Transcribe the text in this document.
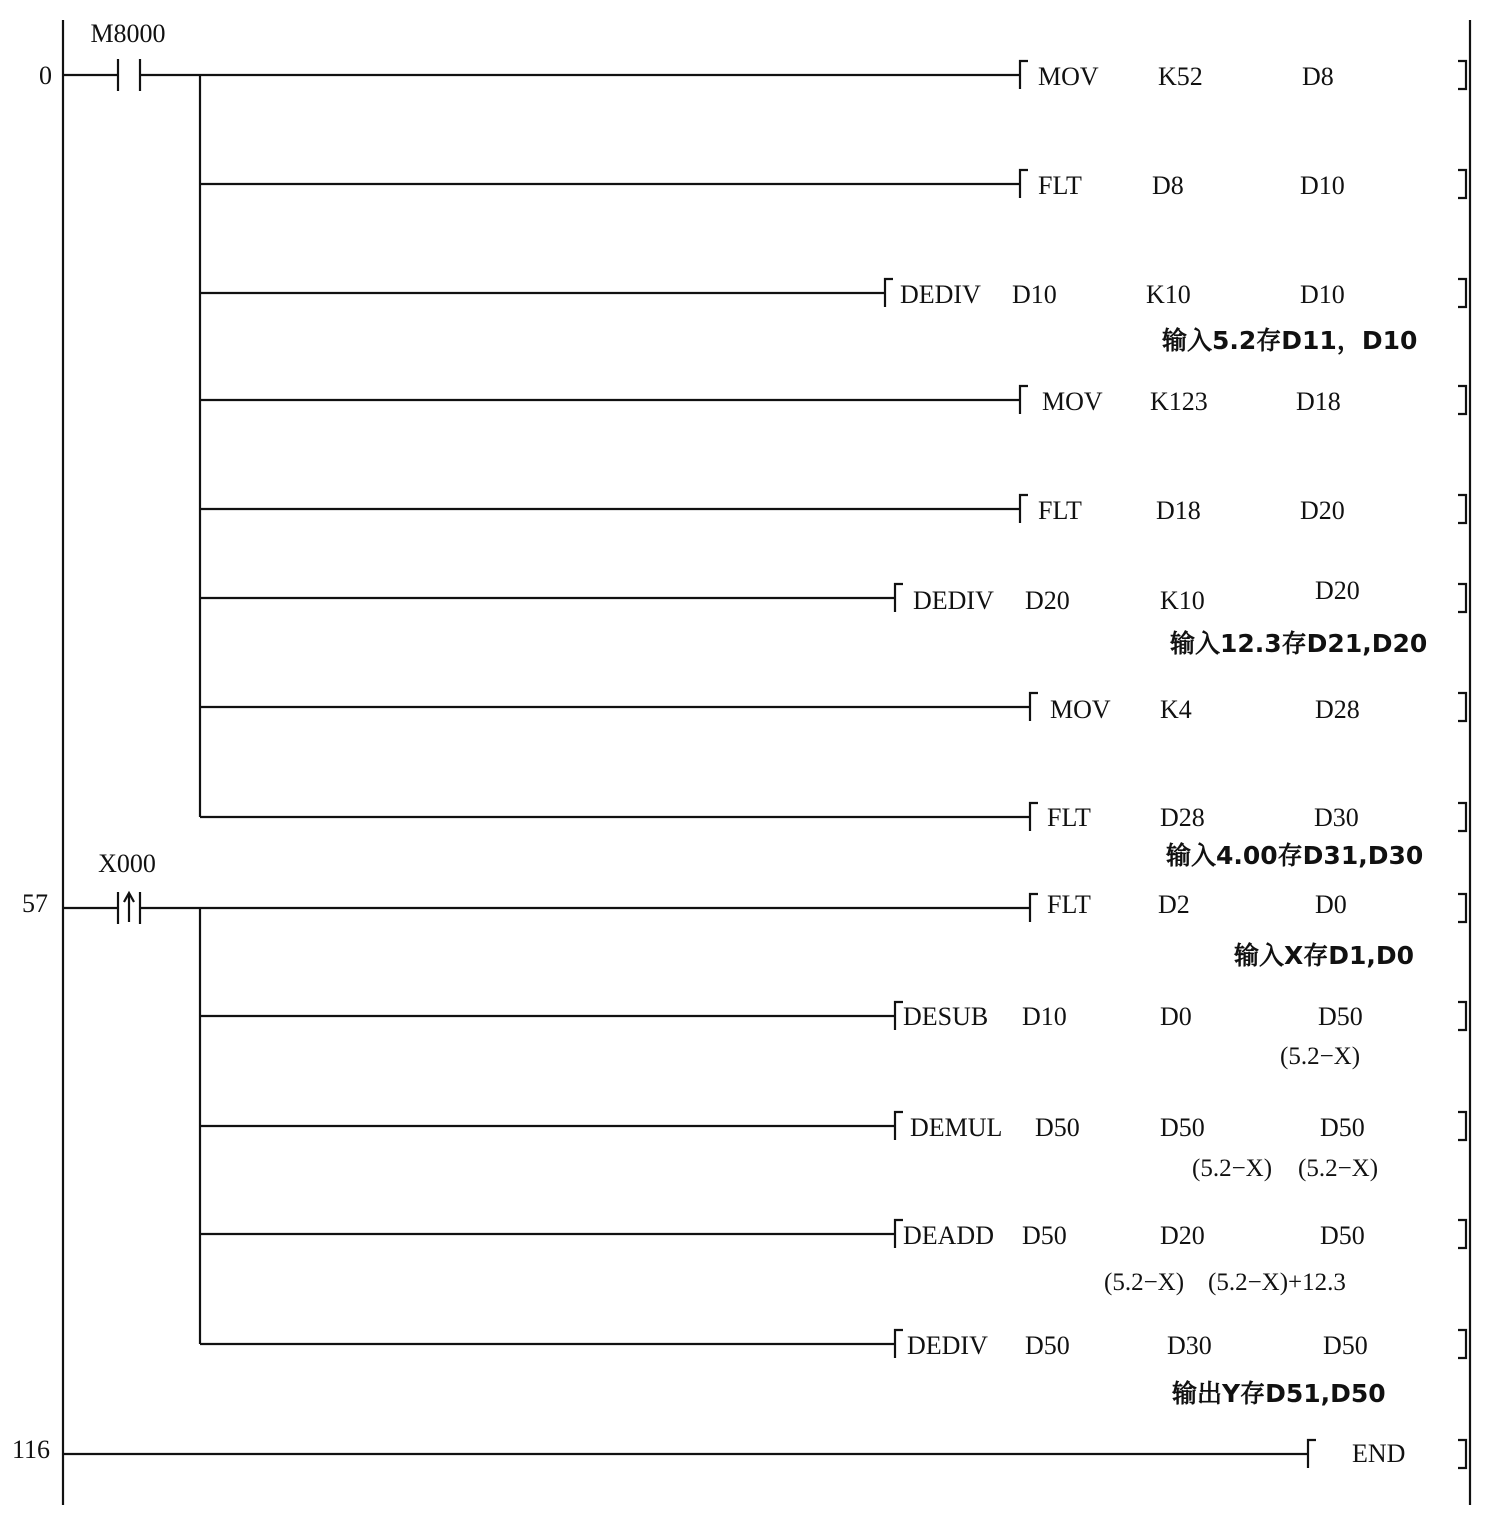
0
M8000
MOV K52	D8
FLT	D8	D10
DEDIV D10	K10	D10
输入5.2存D11，D10
MOV K123	D18
FLT	D18	D20
DEDIV D20	K10	D20
输入12.3存D21,D20
MOV K4	D28
FLT	D28	D30
输入4.00存D31,D30
57
X000
FLT	D2	D0
输入X存D1,D0
DESUB D10	D0	D50
(5.2−X)
DEMUL D50	D50	D50
(5.2−X) (5.2−X)
DEADD D50	D20	D50
(5.2−X) (5.2−X)+12.3
DEDIV D50	D30	D50
输出Y存D51,D50
116	END
